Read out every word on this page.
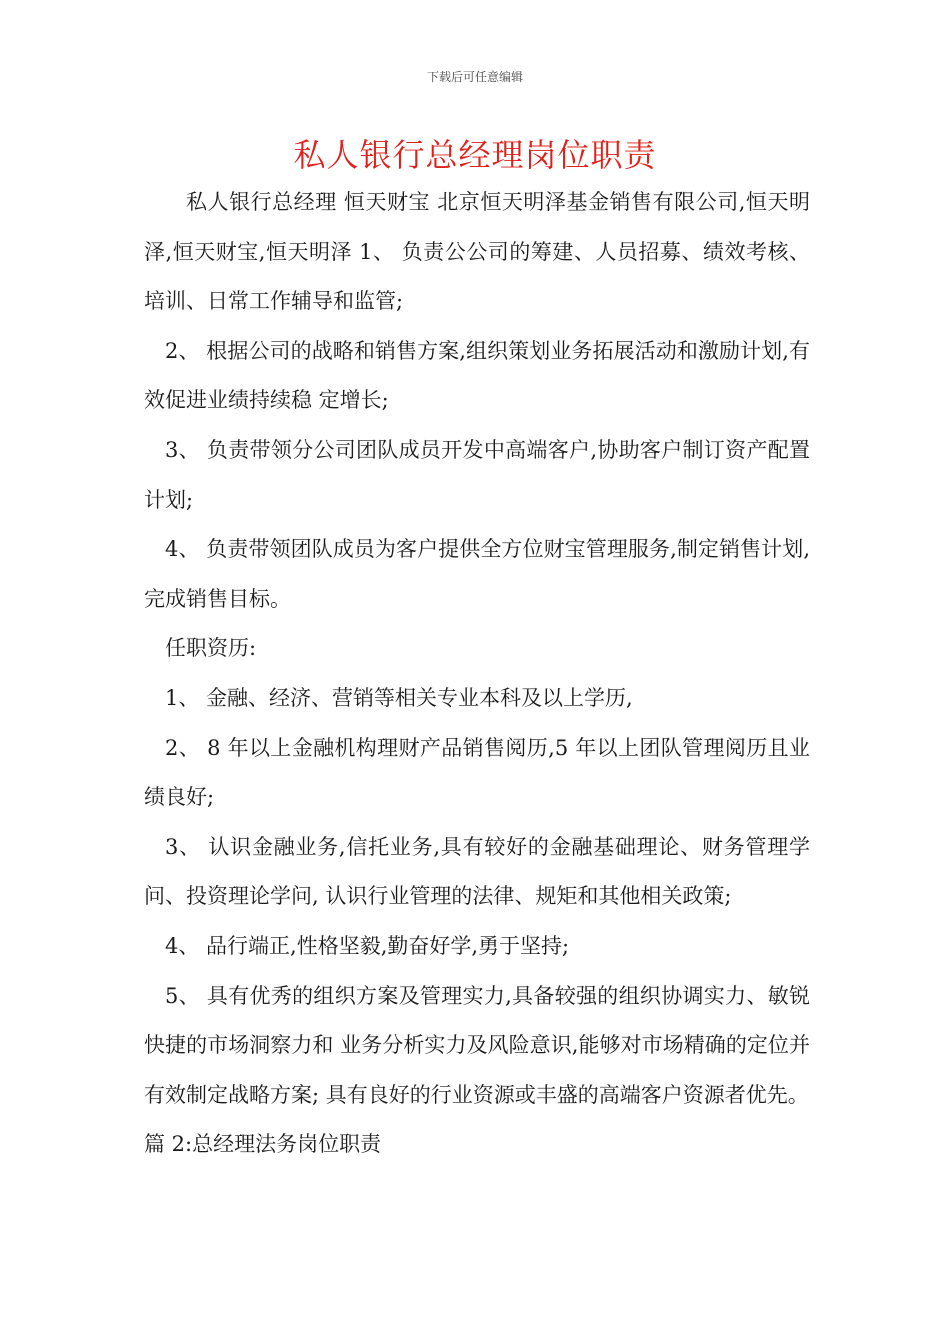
下载后可任意编辑
私人银行总经理岗位职责

私人银行总经理 恒天财宝 北京恒天明泽基金销售有限公司,恒天明泽,恒天财宝,恒天明泽 1、 负责公公司的筹建、人员招募、绩效考核、培训、日常工作辅导和监管;

2、 根据公司的战略和销售方案,组织策划业务拓展活动和激励计划,有效促进业绩持续稳 定增长;

3、 负责带领分公司团队成员开发中高端客户,协助客户制订资产配置计划;

4、 负责带领团队成员为客户提供全方位财宝管理服务,制定销售计划,完成销售目标。

任职资历:

1、 金融、经济、营销等相关专业本科及以上学历,

2、 8 年以上金融机构理财产品销售阅历,5 年以上团队管理阅历且业绩良好;

3、 认识金融业务,信托业务,具有较好的金融基础理论、财务管理学问、投资理论学问, 认识行业管理的法律、规矩和其他相关政策;

4、 品行端正,性格坚毅,勤奋好学,勇于坚持;

5、 具有优秀的组织方案及管理实力,具备较强的组织协调实力、敏锐快捷的市场洞察力和 业务分析实力及风险意识,能够对市场精确的定位并有效制定战略方案; 具有良好的行业资源或丰盛的高端客户资源者优先。

篇 2:总经理法务岗位职责
